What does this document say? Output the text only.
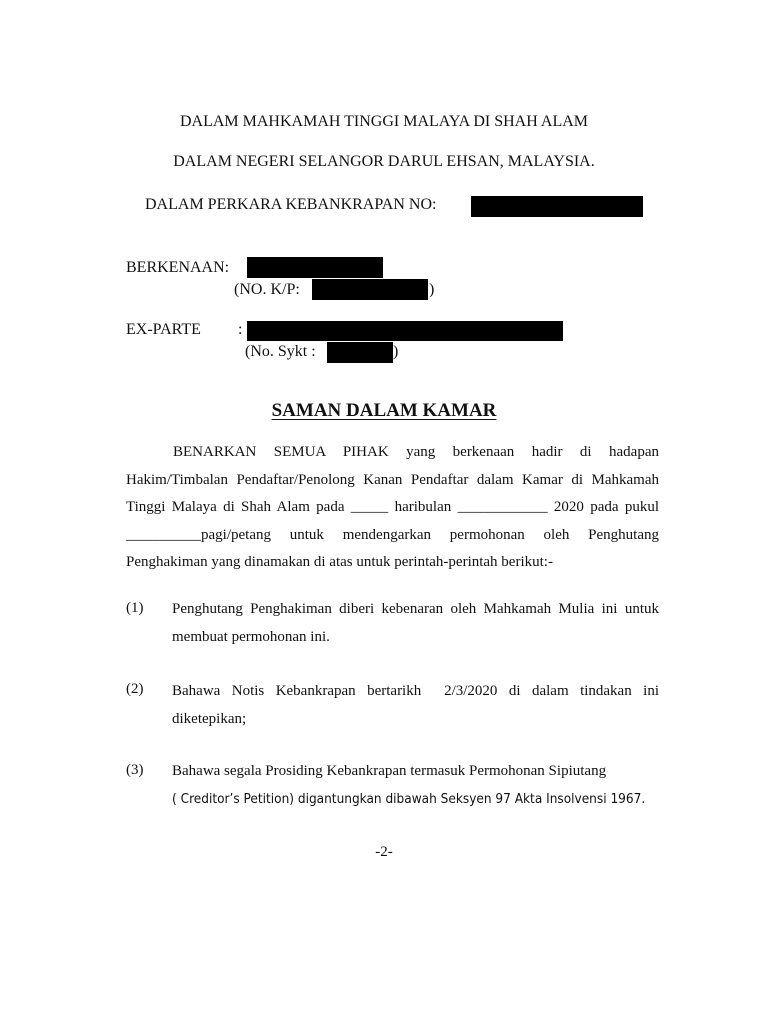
DALAM MAHKAMAH TINGGI MALAYA DI SHAH ALAM
DALAM NEGERI SELANGOR DARUL EHSAN, MALAYSIA.
DALAM PERKARA KEBANKRAPAN NO:
BERKENAAN:
(NO. K/P:	)
EX-PARTE :
(No. Sykt :	)
SAMAN DALAM KAMAR
BENARKAN SEMUA PIHAK yang berkenaan hadir di hadapan
Hakim/Timbalan Pendaftar/Penolong Kanan Pendaftar dalam Kamar di Mahkamah
Tinggi Malaya di Shah Alam pada _____ haribulan ____________ 2020 pada pukul
__________pagi/petang untuk mendengarkan permohonan oleh Penghutang
Penghakiman yang dinamakan di atas untuk perintah-perintah berikut:-
(1) Penghutang Penghakiman diberi kebenaran oleh Mahkamah Mulia ini untuk
membuat permohonan ini.
(2) Bahawa Notis Kebankrapan bertarikh  2/3/2020 di dalam tindakan ini
diketepikan;
(3) Bahawa segala Prosiding Kebankrapan termasuk Permohonan Sipiutang
( Creditor’s Petition) digantungkan dibawah Seksyen 97 Akta Insolvensi 1967.
-2-
